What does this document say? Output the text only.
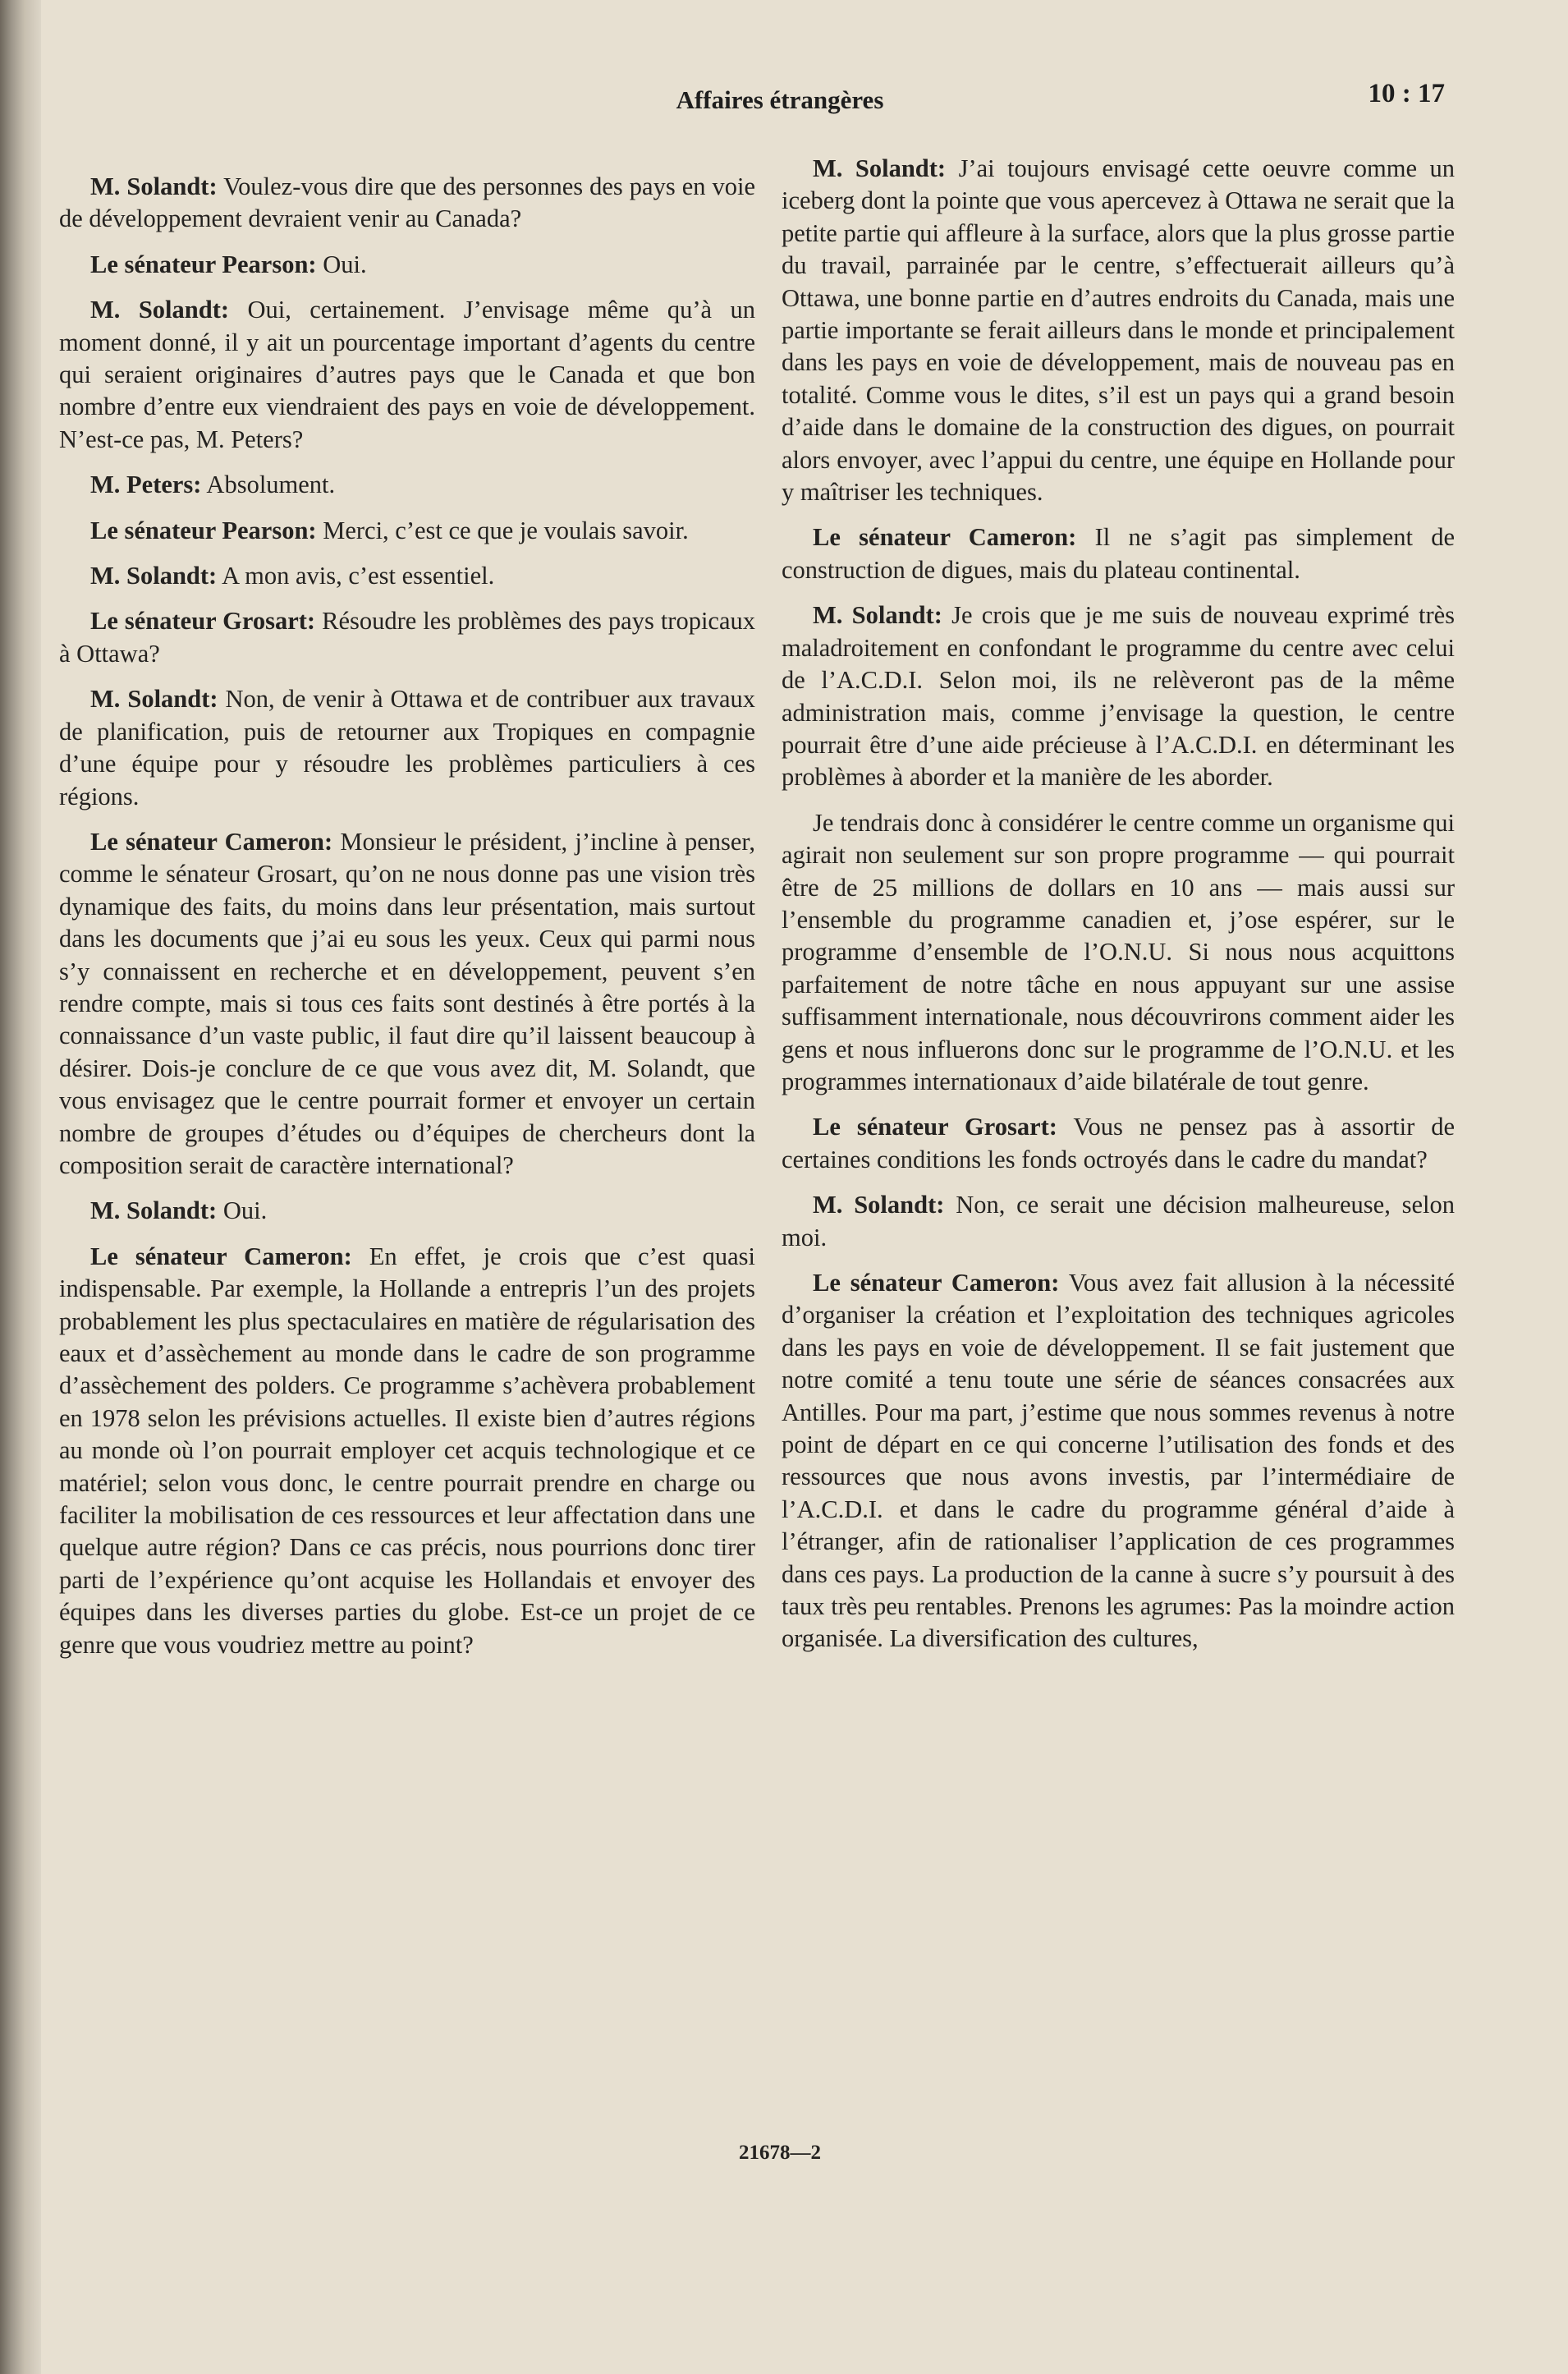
Affaires étrangères	10 : 17

M. Solandt: Voulez-vous dire que des personnes des pays en voie de développement devraient venir au Canada?

Le sénateur Pearson: Oui.

M. Solandt: Oui, certainement. J’envisage même qu’à un moment donné, il y ait un pourcentage important d’agents du centre qui seraient originaires d’autres pays que le Canada et que bon nombre d’entre eux viendraient des pays en voie de développement. N’est-ce pas, M. Peters?

M. Peters: Absolument.

Le sénateur Pearson: Merci, c’est ce que je voulais savoir.

M. Solandt: A mon avis, c’est essentiel.

Le sénateur Grosart: Résoudre les problèmes des pays tropicaux à Ottawa?

M. Solandt: Non, de venir à Ottawa et de contribuer aux travaux de planification, puis de retourner aux Tropiques en compagnie d’une équipe pour y résoudre les problèmes particuliers à ces régions.

Le sénateur Cameron: Monsieur le président, j’incline à penser, comme le sénateur Grosart, qu’on ne nous donne pas une vision très dynamique des faits, du moins dans leur présentation, mais surtout dans les documents que j’ai eu sous les yeux. Ceux qui parmi nous s’y connaissent en recherche et en développement, peuvent s’en rendre compte, mais si tous ces faits sont destinés à être portés à la connaissance d’un vaste public, il faut dire qu’il laissent beaucoup à désirer. Dois-je conclure de ce que vous avez dit, M. Solandt, que vous envisagez que le centre pourrait former et envoyer un certain nombre de groupes d’études ou d’équipes de chercheurs dont la composition serait de caractère international?

M. Solandt: Oui.

Le sénateur Cameron: En effet, je crois que c’est quasi indispensable. Par exemple, la Hollande a entrepris l’un des projets probablement les plus spectaculaires en matière de régularisation des eaux et d’assèchement au monde dans le cadre de son programme d’assèchement des polders. Ce programme s’achèvera probablement en 1978 selon les prévisions actuelles. Il existe bien d’autres régions au monde où l’on pourrait employer cet acquis technologique et ce matériel; selon vous donc, le centre pourrait prendre en charge ou faciliter la mobilisation de ces ressources et leur affectation dans une quelque autre région? Dans ce cas précis, nous pourrions donc tirer parti de l’expérience qu’ont acquise les Hollandais et envoyer des équipes dans les diverses parties du globe. Est-ce un projet de ce genre que vous voudriez mettre au point?

M. Solandt: J’ai toujours envisagé cette oeuvre comme un iceberg dont la pointe que vous apercevez à Ottawa ne serait que la petite partie qui affleure à la surface, alors que la plus grosse partie du travail, parrainée par le centre, s’effectuerait ailleurs qu’à Ottawa, une bonne partie en d’autres endroits du Canada, mais une partie importante se ferait ailleurs dans le monde et principalement dans les pays en voie de développement, mais de nouveau pas en totalité. Comme vous le dites, s’il est un pays qui a grand besoin d’aide dans le domaine de la construction des digues, on pourrait alors envoyer, avec l’appui du centre, une équipe en Hollande pour y maîtriser les techniques.

Le sénateur Cameron: Il ne s’agit pas simplement de construction de digues, mais du plateau continental.

M. Solandt: Je crois que je me suis de nouveau exprimé très maladroitement en confondant le programme du centre avec celui de l’A.C.D.I. Selon moi, ils ne relèveront pas de la même administration mais, comme j’envisage la question, le centre pourrait être d’une aide précieuse à l’A.C.D.I. en déterminant les problèmes à aborder et la manière de les aborder.

Je tendrais donc à considérer le centre comme un organisme qui agirait non seulement sur son propre programme — qui pourrait être de 25 millions de dollars en 10 ans — mais aussi sur l’ensemble du programme canadien et, j’ose espérer, sur le programme d’ensemble de l’O.N.U. Si nous nous acquittons parfaitement de notre tâche en nous appuyant sur une assise suffisamment internationale, nous découvrirons comment aider les gens et nous influerons donc sur le programme de l’O.N.U. et les programmes internationaux d’aide bilatérale de tout genre.

Le sénateur Grosart: Vous ne pensez pas à assortir de certaines conditions les fonds octroyés dans le cadre du mandat?

M. Solandt: Non, ce serait une décision malheureuse, selon moi.

Le sénateur Cameron: Vous avez fait allusion à la nécessité d’organiser la création et l’exploitation des techniques agricoles dans les pays en voie de développement. Il se fait justement que notre comité a tenu toute une série de séances consacrées aux Antilles. Pour ma part, j’estime que nous sommes revenus à notre point de départ en ce qui concerne l’utilisation des fonds et des ressources que nous avons investis, par l’intermédiaire de l’A.C.D.I. et dans le cadre du programme général d’aide à l’étranger, afin de rationaliser l’application de ces programmes dans ces pays. La production de la canne à sucre s’y poursuit à des taux très peu rentables. Prenons les agrumes: Pas la moindre action organisée. La diversification des cultures,

21678—2
